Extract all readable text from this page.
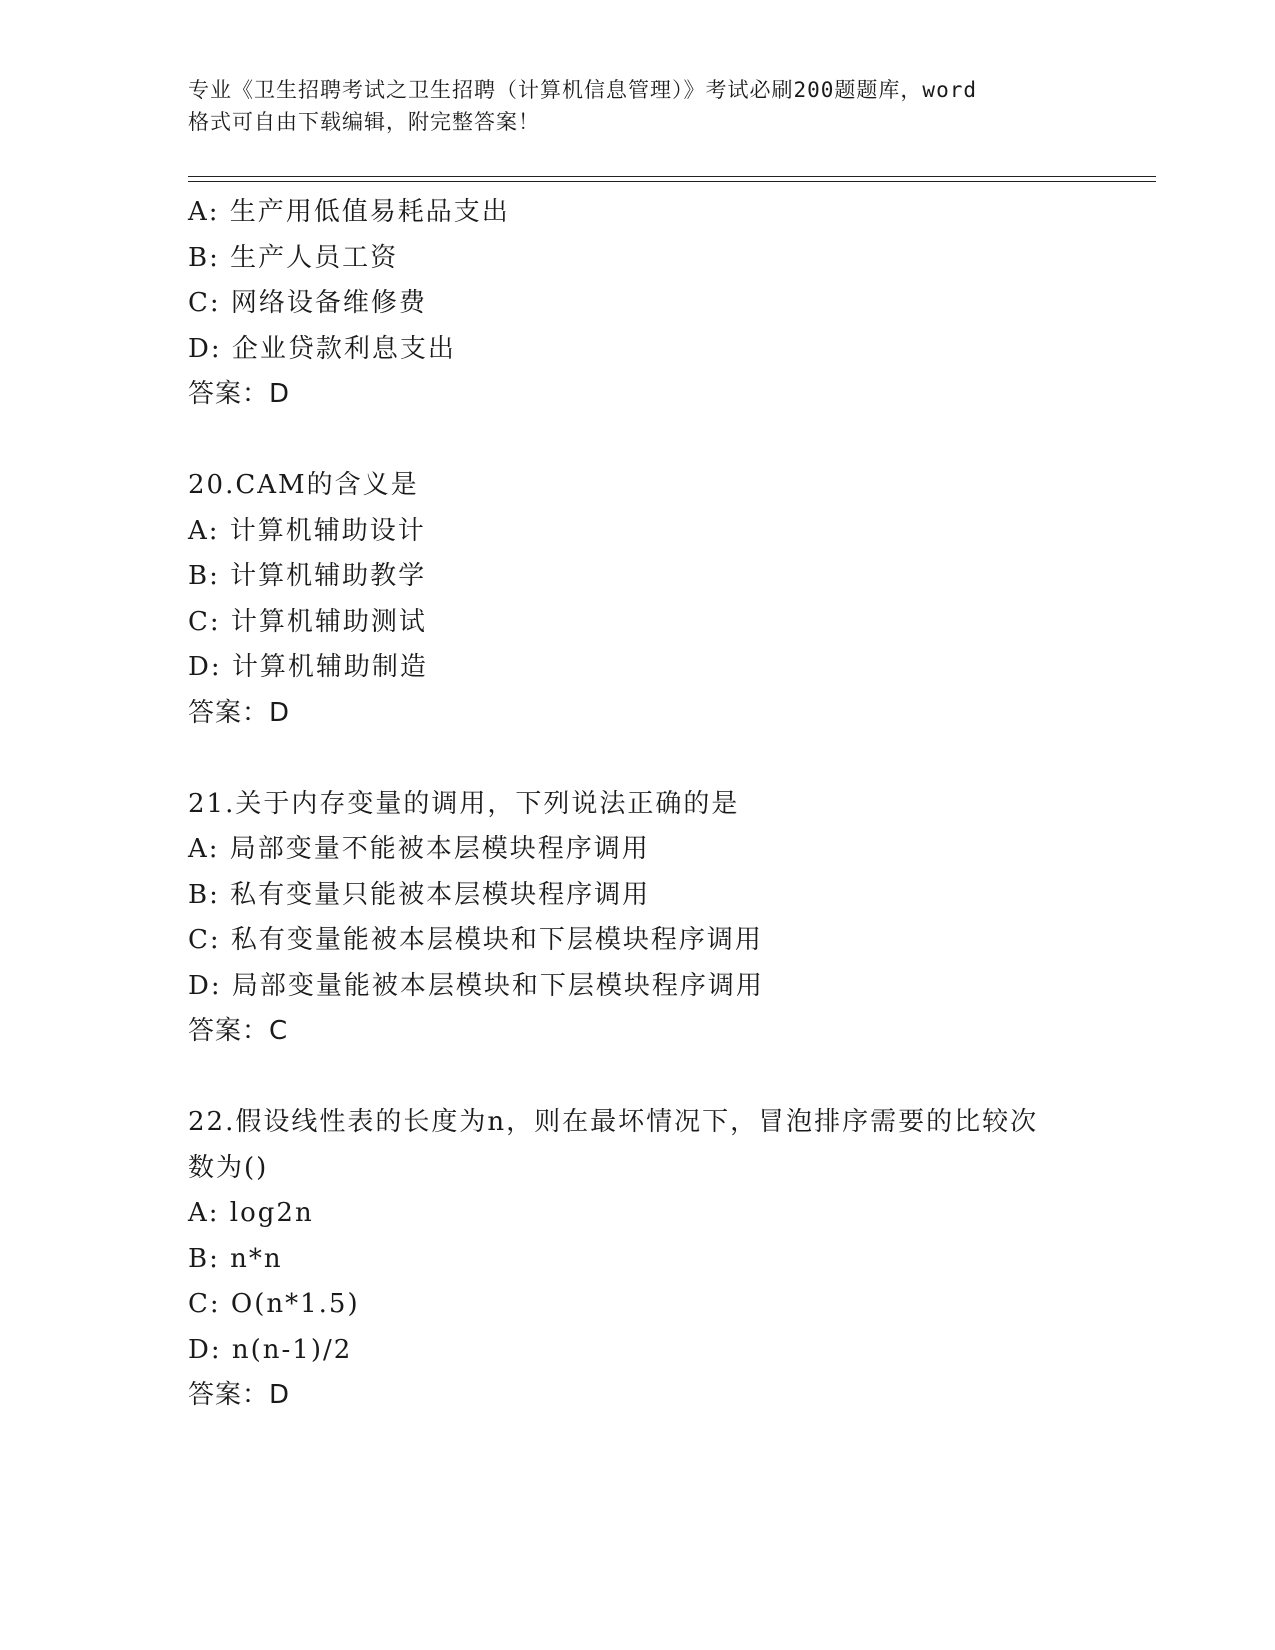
专业《卫生招聘考试之卫生招聘（计算机信息管理）》考试必刷200题题库，word
格式可自由下载编辑，附完整答案！
A: 生产用低值易耗品支出
B: 生产人员工资
C: 网络设备维修费
D: 企业贷款利息支出
答案：D
20.CAM的含义是
A: 计算机辅助设计
B: 计算机辅助教学
C: 计算机辅助测试
D: 计算机辅助制造
答案：D
21.关于内存变量的调用，下列说法正确的是
A: 局部变量不能被本层模块程序调用
B: 私有变量只能被本层模块程序调用
C: 私有变量能被本层模块和下层模块程序调用
D: 局部变量能被本层模块和下层模块程序调用
答案：C
22.假设线性表的长度为n，则在最坏情况下，冒泡排序需要的比较次
数为()
A: log2n
B: n*n
C: O(n*1.5)
D: n(n-1)/2
答案：D
